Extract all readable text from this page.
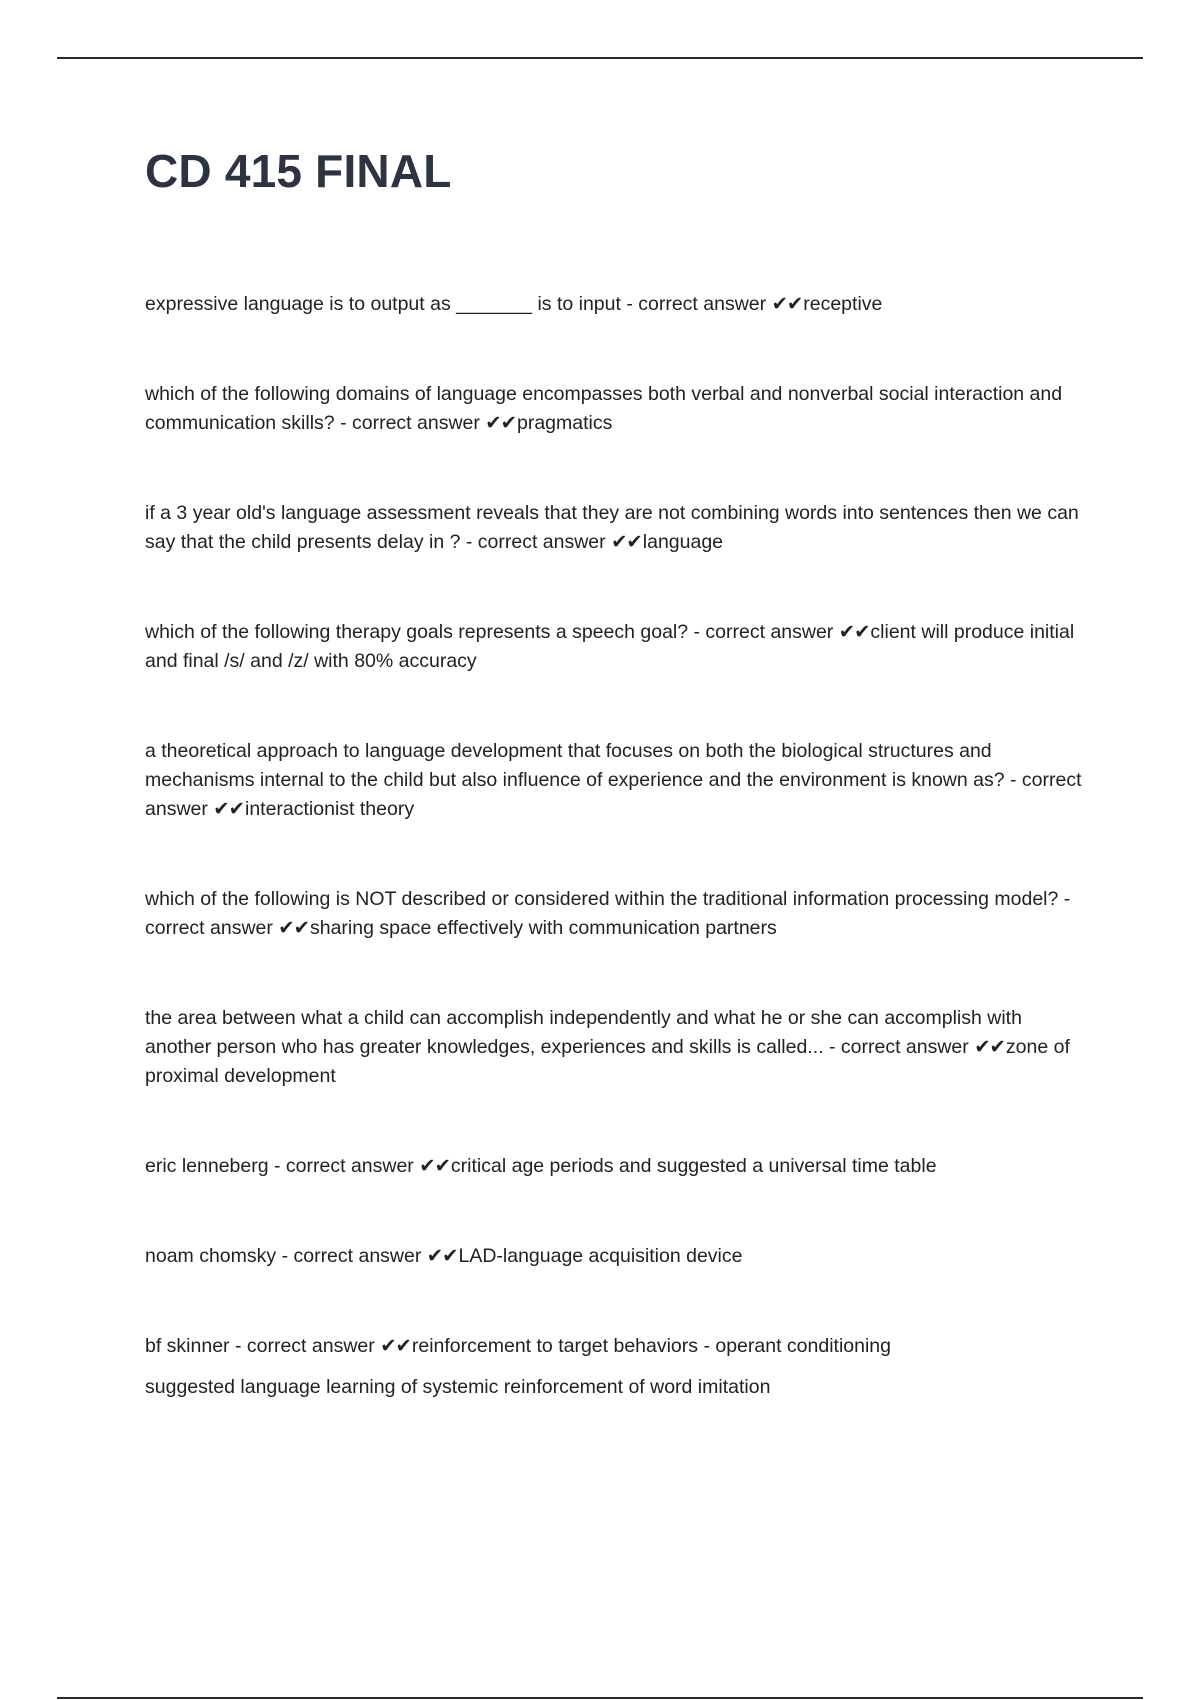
CD 415 FINAL

expressive language is to output as _______ is to input - correct answer ✔✔receptive

which of the following domains of language encompasses both verbal and nonverbal social interaction and communication skills? - correct answer ✔✔pragmatics

if a 3 year old's language assessment reveals that they are not combining words into sentences then we can say that the child presents delay in ? - correct answer ✔✔language

which of the following therapy goals represents a speech goal? - correct answer ✔✔client will produce initial and final /s/ and /z/ with 80% accuracy

a theoretical approach to language development that focuses on both the biological structures and mechanisms internal to the child but also influence of experience and the environment is known as? - correct answer ✔✔interactionist theory

which of the following is NOT described or considered within the traditional information processing model? - correct answer ✔✔sharing space effectively with communication partners

the area between what a child can accomplish independently and what he or she can accomplish with another person who has greater knowledges, experiences and skills is called... - correct answer ✔✔zone of proximal development

eric lenneberg - correct answer ✔✔critical age periods and suggested a universal time table

noam chomsky - correct answer ✔✔LAD-language acquisition device

bf skinner - correct answer ✔✔reinforcement to target behaviors - operant conditioning

suggested language learning of systemic reinforcement of word imitation
